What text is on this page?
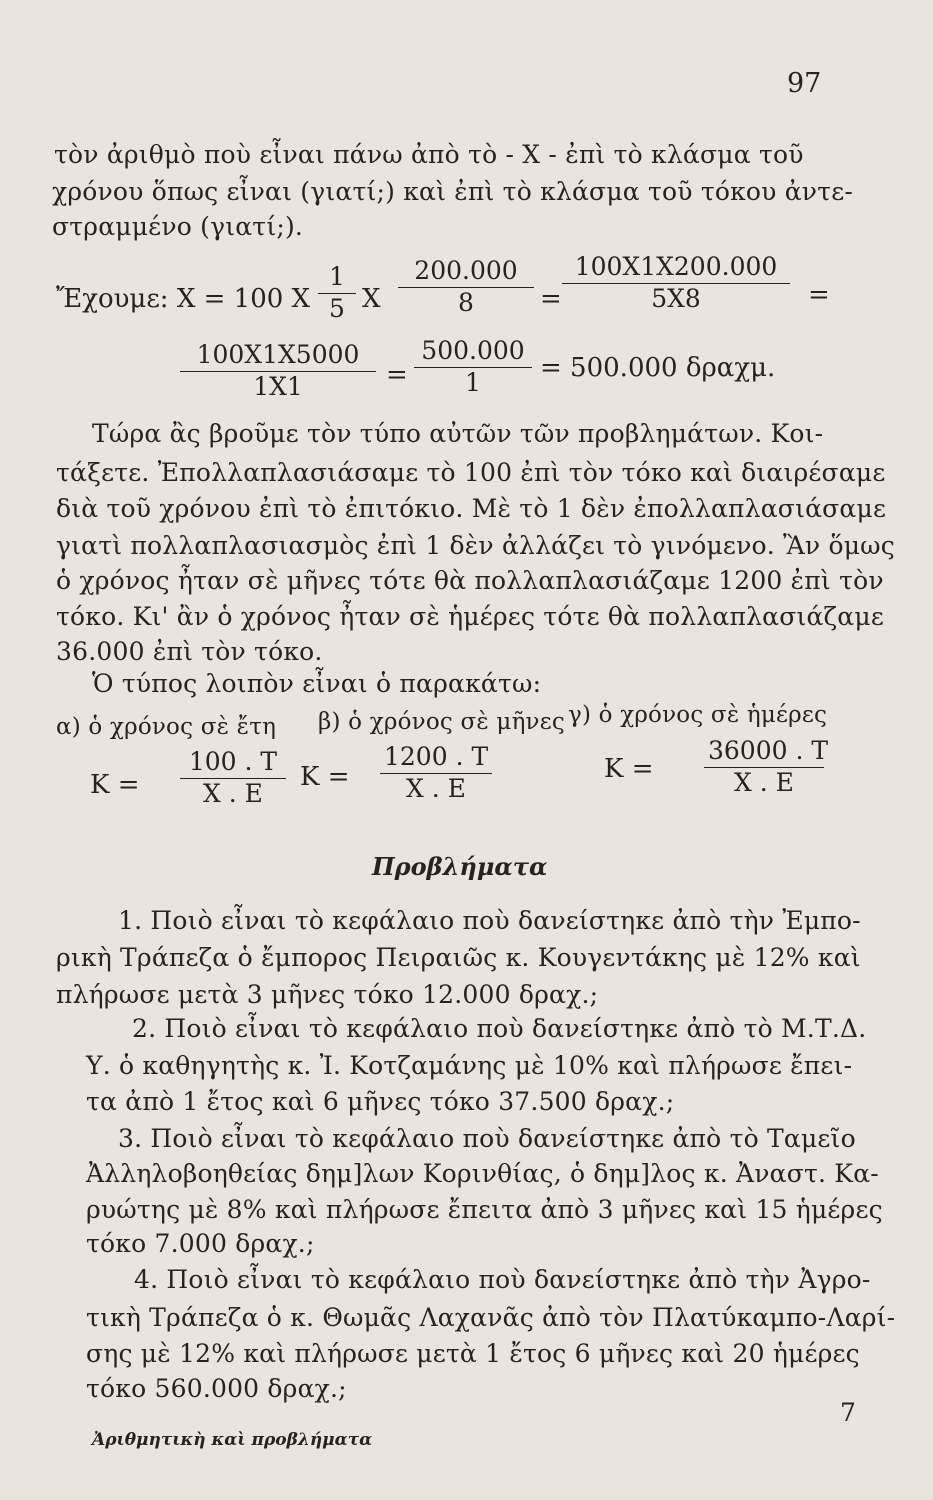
97
τὸν ἀριθμὸ ποὺ εἶναι πάνω ἀπὸ τὸ - Χ - ἐπὶ τὸ κλάσμα τοῦ
χρόνου ὅπως εἶναι (γιατί;) καὶ ἐπὶ τὸ κλάσμα τοῦ τόκου ἀντε-
στραμμένο (γιατί;).
Ἔχουμε: Χ = 100 Χ
1
5 Χ
200.000
8	=
100Χ1Χ200.000
5Χ8	=
100Χ1Χ5000
1Χ1	=
500.000
1	= 500.000 δραχμ.
Τώρα ἂς βροῦμε τὸν τύπο αὐτῶν τῶν προβλημάτων. Κοι-
τάξετε. Ἐπολλαπλασιάσαμε τὸ 100 ἐπὶ τὸν τόκο καὶ διαιρέσαμε
διὰ τοῦ χρόνου ἐπὶ τὸ ἐπιτόκιο. Μὲ τὸ 1 δὲν ἐπολλαπλασιάσαμε
γιατὶ πολλαπλασιασμὸς ἐπὶ 1 δὲν ἀλλάζει τὸ γινόμενο. Ἂν ὅμως
ὁ χρόνος ἦταν σὲ μῆνες τότε θὰ πολλαπλασιάζαμε 1200 ἐπὶ τὸν
τόκο. Κι' ἂν ὁ χρόνος ἦταν σὲ ἡμέρες τότε θὰ πολλαπλασιάζαμε
36.000 ἐπὶ τὸν τόκο.
Ὁ τύπος λοιπὸν εἶναι ὁ παρακάτω:
α) ὁ χρόνος σὲ ἔτη β) ὁ χρόνος σὲ μῆνες γ) ὁ χρόνος σὲ ἡμέρες
Κ =
100 . Τ
Χ . Ε
Κ =
1200 . Τ
Χ . Ε
Κ =
36000 . Τ
Χ . Ε
Προβλήματα
1. Ποιὸ εἶναι τὸ κεφάλαιο ποὺ δανείστηκε ἀπὸ τὴν Ἐμπο-
ρικὴ Τράπεζα ὁ ἔμπορος Πειραιῶς κ. Κουγεντάκης μὲ 12% καὶ
πλήρωσε μετὰ 3 μῆνες τόκο 12.000 δραχ.;
2. Ποιὸ εἶναι τὸ κεφάλαιο ποὺ δανείστηκε ἀπὸ τὸ Μ.Τ.Δ.
Υ. ὁ καθηγητὴς κ. Ἰ. Κοτζαμάνης μὲ 10% καὶ πλήρωσε ἔπει-
τα ἀπὸ 1 ἔτος καὶ 6 μῆνες τόκο 37.500 δραχ.;
3. Ποιὸ εἶναι τὸ κεφάλαιο ποὺ δανείστηκε ἀπὸ τὸ Ταμεῖο
Ἀλληλοβοηθείας δημ]λων Κορινθίας, ὁ δημ]λος κ. Ἀναστ. Κα-
ρυώτης μὲ 8% καὶ πλήρωσε ἔπειτα ἀπὸ 3 μῆνες καὶ 15 ἡμέρες
τόκο 7.000 δραχ.;
4. Ποιὸ εἶναι τὸ κεφάλαιο ποὺ δανείστηκε ἀπὸ τὴν Ἀγρο-
τικὴ Τράπεζα ὁ κ. Θωμᾶς Λαχανᾶς ἀπὸ τὸν Πλατύκαμπο-Λαρί-
σης μὲ 12% καὶ πλήρωσε μετὰ 1 ἔτος 6 μῆνες καὶ 20 ἡμέρες
τόκο 560.000 δραχ.;
Ἀριθμητικὴ καὶ προβλήματα
7
